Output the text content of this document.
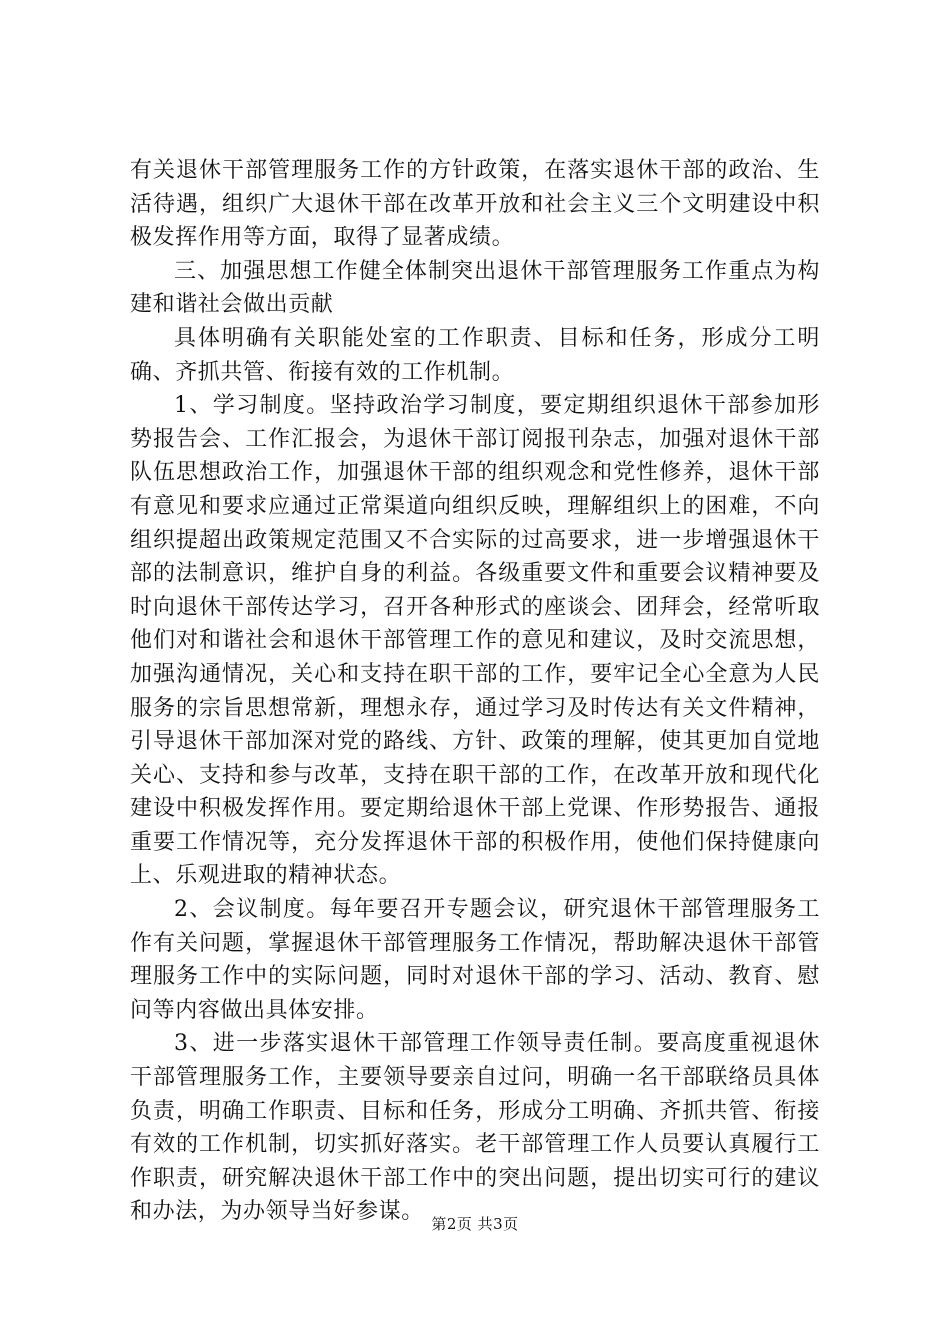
有关退休干部管理服务工作的方针政策，在落实退休干部的政治、生活待遇，组织广大退休干部在改革开放和社会主义三个文明建设中积极发挥作用等方面，取得了显著成绩。

三、加强思想工作健全体制突出退休干部管理服务工作重点为构建和谐社会做出贡献

具体明确有关职能处室的工作职责、目标和任务，形成分工明确、齐抓共管、衔接有效的工作机制。

1、学习制度。坚持政治学习制度，要定期组织退休干部参加形势报告会、工作汇报会，为退休干部订阅报刊杂志，加强对退休干部队伍思想政治工作，加强退休干部的组织观念和党性修养，退休干部有意见和要求应通过正常渠道向组织反映，理解组织上的困难，不向组织提超出政策规定范围又不合实际的过高要求，进一步增强退休干部的法制意识，维护自身的利益。各级重要文件和重要会议精神要及时向退休干部传达学习，召开各种形式的座谈会、团拜会，经常听取他们对和谐社会和退休干部管理工作的意见和建议，及时交流思想，加强沟通情况，关心和支持在职干部的工作，要牢记全心全意为人民服务的宗旨思想常新，理想永存，通过学习及时传达有关文件精神，引导退休干部加深对党的路线、方针、政策的理解，使其更加自觉地关心、支持和参与改革，支持在职干部的工作，在改革开放和现代化建设中积极发挥作用。要定期给退休干部上党课、作形势报告、通报重要工作情况等，充分发挥退休干部的积极作用，使他们保持健康向上、乐观进取的精神状态。

2、会议制度。每年要召开专题会议，研究退休干部管理服务工作有关问题，掌握退休干部管理服务工作情况，帮助解决退休干部管理服务工作中的实际问题，同时对退休干部的学习、活动、教育、慰问等内容做出具体安排。

3、进一步落实退休干部管理工作领导责任制。要高度重视退休干部管理服务工作，主要领导要亲自过问，明确一名干部联络员具体负责，明确工作职责、目标和任务，形成分工明确、齐抓共管、衔接有效的工作机制，切实抓好落实。老干部管理工作人员要认真履行工作职责，研究解决退休干部工作中的突出问题，提出切实可行的建议和办法，为办领导当好参谋。 第2页 共3页
